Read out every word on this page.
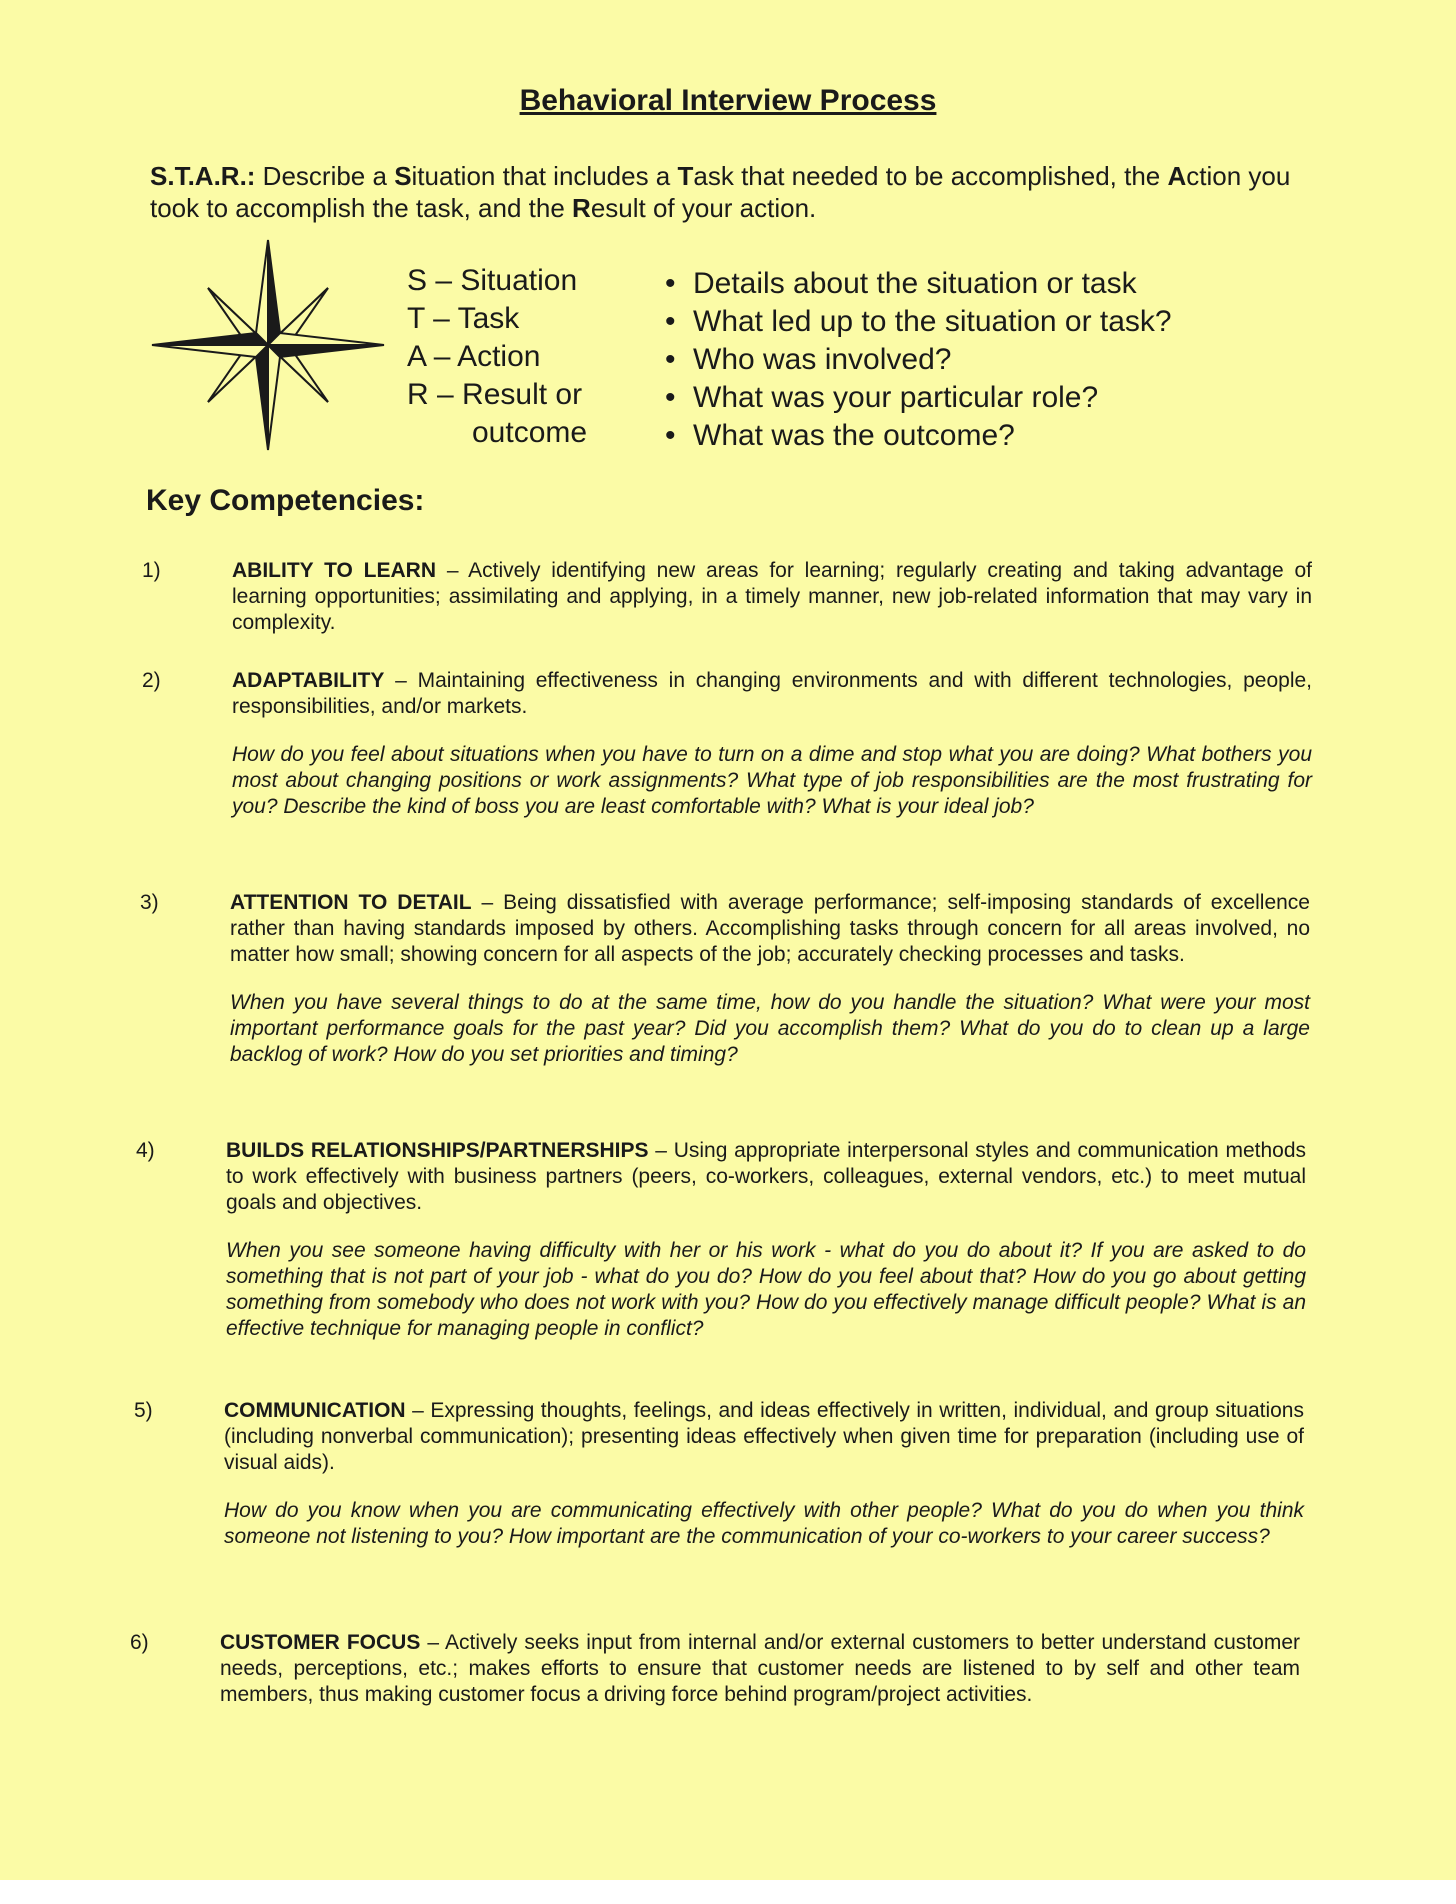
Behavioral Interview Process
S.T.A.R.: Describe a Situation that includes a Task that needed to be accomplished, the Action you took to accomplish the task, and the Result of your action.
S – Situation
T – Task
A – Action
R – Result or
outcome
• Details about the situation or task
• What led up to the situation or task?
• Who was involved?
• What was your particular role?
• What was the outcome?
Key Competencies:
1)	ABILITY TO LEARN – Actively identifying new areas for learning; regularly creating and taking advantage of learning opportunities; assimilating and applying, in a timely manner, new job-related information that may vary in complexity.
2)	ADAPTABILITY – Maintaining effectiveness in changing environments and with different technologies, people, responsibilities, and/or markets.
How do you feel about situations when you have to turn on a dime and stop what you are doing? What bothers you most about changing positions or work assignments? What type of job responsibilities are the most frustrating for you? Describe the kind of boss you are least comfortable with? What is your ideal job?
3)	ATTENTION TO DETAIL – Being dissatisfied with average performance; self-imposing standards of excellence rather than having standards imposed by others. Accomplishing tasks through concern for all areas involved, no matter how small; showing concern for all aspects of the job; accurately checking processes and tasks.
When you have several things to do at the same time, how do you handle the situation? What were your most important performance goals for the past year? Did you accomplish them? What do you do to clean up a large backlog of work? How do you set priorities and timing?
4)	BUILDS RELATIONSHIPS/PARTNERSHIPS – Using appropriate interpersonal styles and communication methods to work effectively with business partners (peers, co-workers, colleagues, external vendors, etc.) to meet mutual goals and objectives.
When you see someone having difficulty with her or his work - what do you do about it? If you are asked to do something that is not part of your job - what do you do? How do you feel about that? How do you go about getting something from somebody who does not work with you? How do you effectively manage difficult people? What is an effective technique for managing people in conflict?
5)	COMMUNICATION – Expressing thoughts, feelings, and ideas effectively in written, individual, and group situations (including nonverbal communication); presenting ideas effectively when given time for preparation (including use of visual aids).
How do you know when you are communicating effectively with other people? What do you do when you think someone not listening to you? How important are the communication of your co-workers to your career success?
6)	CUSTOMER FOCUS – Actively seeks input from internal and/or external customers to better understand customer needs, perceptions, etc.; makes efforts to ensure that customer needs are listened to by self and other team members, thus making customer focus a driving force behind program/project activities.
